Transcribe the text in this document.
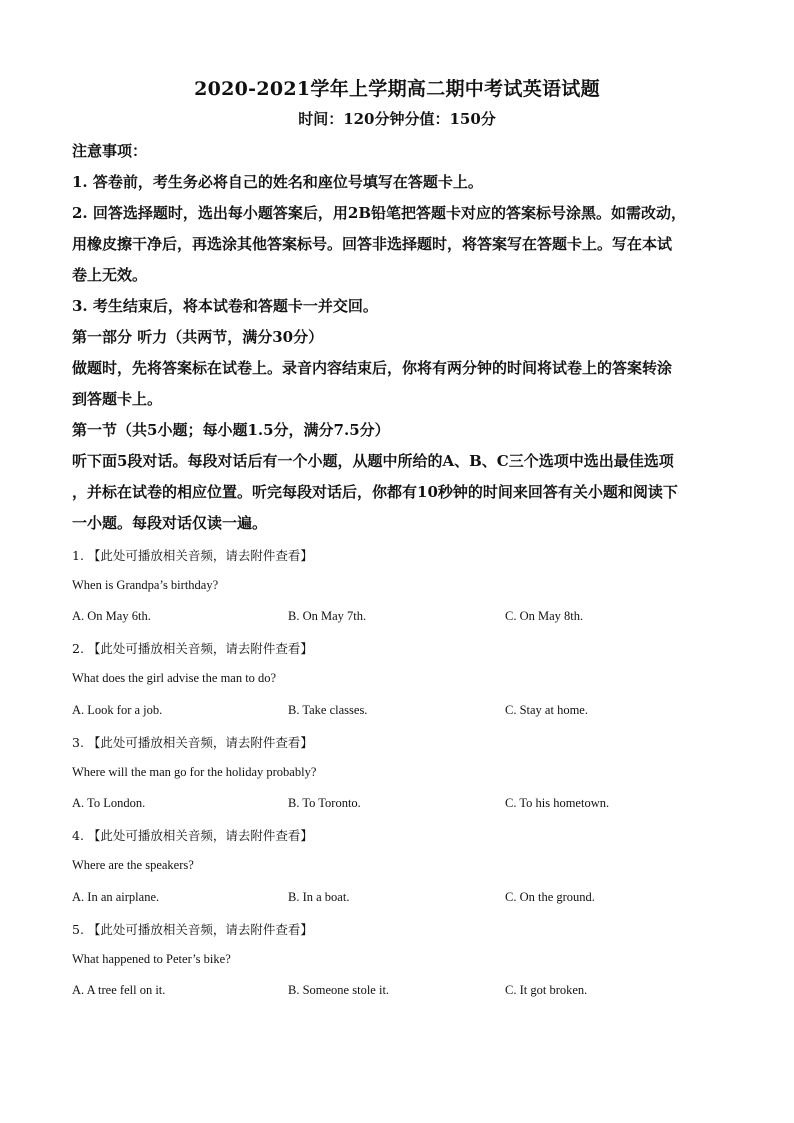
2020-2021学年上学期高二期中考试英语试题
时间：120分钟分值：150分

注意事项：

1. 答卷前，考生务必将自己的姓名和座位号填写在答题卡上。

2. 回答选择题时，选出每小题答案后，用2B铅笔把答题卡对应的答案标号涂黑。如需改动，

用橡皮擦干净后，再选涂其他答案标号。回答非选择题时，将答案写在答题卡上。写在本试

卷上无效。

3. 考生结束后，将本试卷和答题卡一并交回。

第一部分 听力（共两节，满分30分）

做题时，先将答案标在试卷上。录音内容结束后，你将有两分钟的时间将试卷上的答案转涂

到答题卡上。

第一节（共5小题；每小题1.5分，满分7.5分）

听下面5段对话。每段对话后有一个小题，从题中所给的A、B、C三个选项中选出最佳选项

，并标在试卷的相应位置。听完每段对话后，你都有10秒钟的时间来回答有关小题和阅读下

一小题。每段对话仅读一遍。

1. 【此处可播放相关音频，请去附件查看】
When is Grandpa’s birthday?
A. On May 6th.	B. On May 7th.	C. On May 8th.
2. 【此处可播放相关音频，请去附件查看】
What does the girl advise the man to do?
A. Look for a job.	B. Take classes.	C. Stay at home.
3. 【此处可播放相关音频，请去附件查看】
Where will the man go for the holiday probably?
A. To London.	B. To Toronto.	C. To his hometown.
4. 【此处可播放相关音频，请去附件查看】
Where are the speakers?
A. In an airplane.	B. In a boat.	C. On the ground.
5. 【此处可播放相关音频，请去附件查看】
What happened to Peter’s bike?
A. A tree fell on it.	B. Someone stole it.	C. It got broken.
